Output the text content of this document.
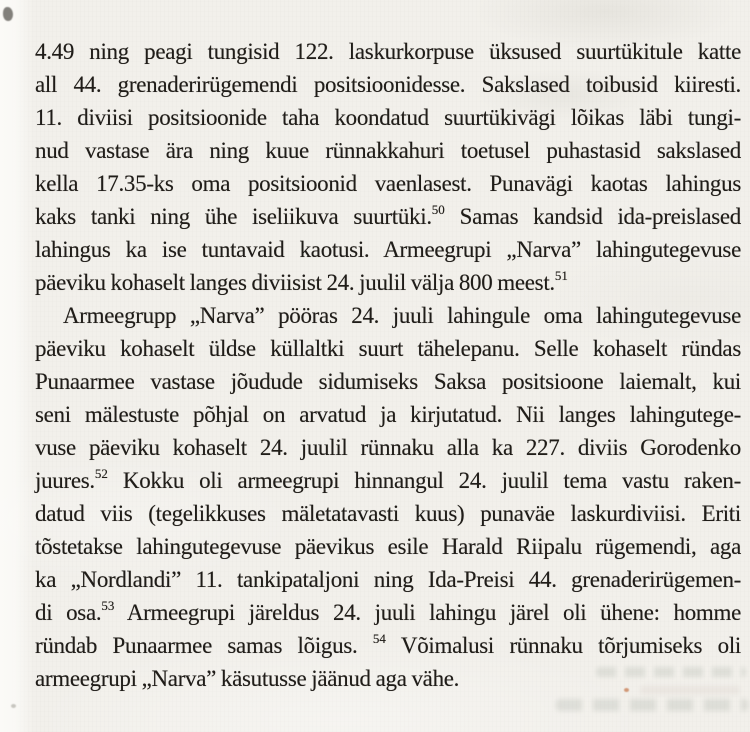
4.49 ning peagi tungisid 122. laskurkorpuse üksused suurtükitule katte
all 44. grenaderirügemendi positsioonidesse. Sakslased toibusid kiiresti.
11. diviisi positsioonide taha koondatud suurtükivägi lõikas läbi tungi-
nud vastase ära ning kuue rünnakkahuri toetusel puhastasid sakslased
kella 17.35-ks oma positsioonid vaenlasest. Punavägi kaotas lahingus
kaks tanki ning ühe iseliikuva suurtüki.$^{50}$ Samas kandsid ida-preislased
lahingus ka ise tuntavaid kaotusi. Armeegrupi „Narva” lahingutegevuse
päeviku kohaselt langes diviisist 24. juulil välja 800 meest.$^{51}$
Armeegrupp „Narva” pööras 24. juuli lahingule oma lahingutegevuse
päeviku kohaselt üldse küllaltki suurt tähelepanu. Selle kohaselt ründas
Punaarmee vastase jõudude sidumiseks Saksa positsioone laiemalt, kui
seni mälestuste põhjal on arvatud ja kirjutatud. Nii langes lahingutege-
vuse päeviku kohaselt 24. juulil rünnaku alla ka 227. diviis Gorodenko
juures.$^{52}$ Kokku oli armeegrupi hinnangul 24. juulil tema vastu raken-
datud viis (tegelikkuses mäletatavasti kuus) punaväe laskurdiviisi. Eriti
tõstetakse lahingutegevuse päevikus esile Harald Riipalu rügemendi, aga
ka „Nordlandi” 11. tankipataljoni ning Ida-Preisi 44. grenaderirügemen-
di osa.$^{53}$ Armeegrupi järeldus 24. juuli lahingu järel oli ühene: homme
ründab Punaarmee samas lõigus. $^{54}$ Võimalusi rünnaku tõrjumiseks oli
armeegrupi „Narva” käsutusse jäänud aga vähe.
